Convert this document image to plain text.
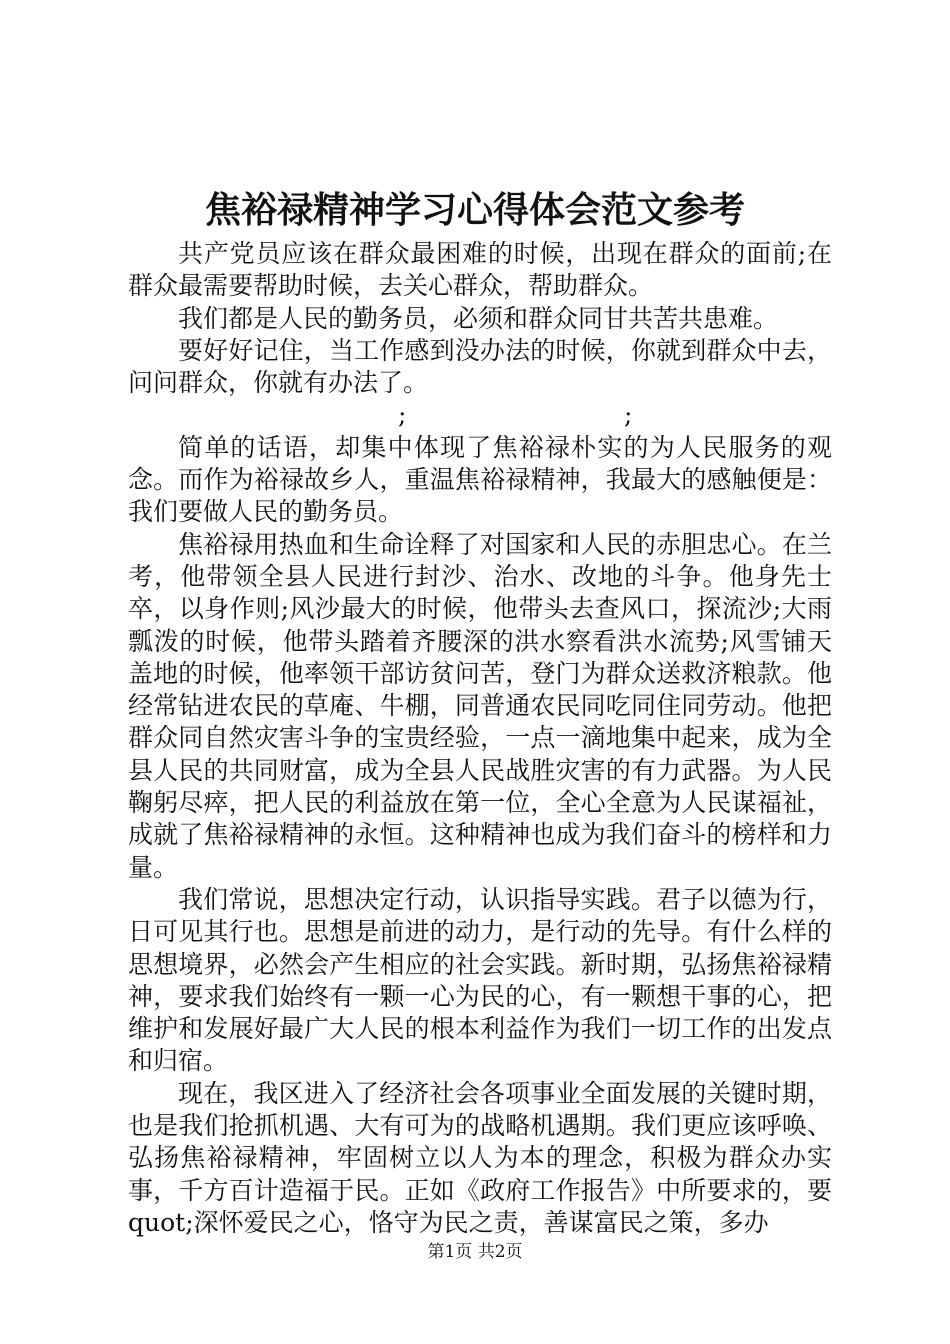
焦裕禄精神学习心得体会范文参考

共产党员应该在群众最困难的时候，出现在群众的面前;在群众最需要帮助时候，去关心群众，帮助群众。

我们都是人民的勤务员，必须和群众同甘共苦共患难。

要好好记住，当工作感到没办法的时候，你就到群众中去，问问群众，你就有办法了。

;	;

简单的话语，却集中体现了焦裕禄朴实的为人民服务的观念。而作为裕禄故乡人，重温焦裕禄精神，我最大的感触便是：我们要做人民的勤务员。

焦裕禄用热血和生命诠释了对国家和人民的赤胆忠心。在兰考，他带领全县人民进行封沙、治水、改地的斗争。他身先士卒，以身作则;风沙最大的时候，他带头去查风口，探流沙;大雨瓢泼的时候，他带头踏着齐腰深的洪水察看洪水流势;风雪铺天盖地的时候，他率领干部访贫问苦，登门为群众送救济粮款。他经常钻进农民的草庵、牛棚，同普通农民同吃同住同劳动。他把群众同自然灾害斗争的宝贵经验，一点一滴地集中起来，成为全县人民的共同财富，成为全县人民战胜灾害的有力武器。为人民鞠躬尽瘁，把人民的利益放在第一位，全心全意为人民谋福祉，成就了焦裕禄精神的永恒。这种精神也成为我们奋斗的榜样和力量。

我们常说，思想决定行动，认识指导实践。君子以德为行，日可见其行也。思想是前进的动力，是行动的先导。有什么样的思想境界，必然会产生相应的社会实践。新时期，弘扬焦裕禄精神，要求我们始终有一颗一心为民的心，有一颗想干事的心，把维护和发展好最广大人民的根本利益作为我们一切工作的出发点和归宿。

现在，我区进入了经济社会各项事业全面发展的关键时期，也是我们抢抓机遇、大有可为的战略机遇期。我们更应该呼唤、弘扬焦裕禄精神，牢固树立以人为本的理念，积极为群众办实事，千方百计造福于民。正如《政府工作报告》中所要求的，要quot;深怀爱民之心，恪守为民之责，善谋富民之策，多办

第1页 共2页
